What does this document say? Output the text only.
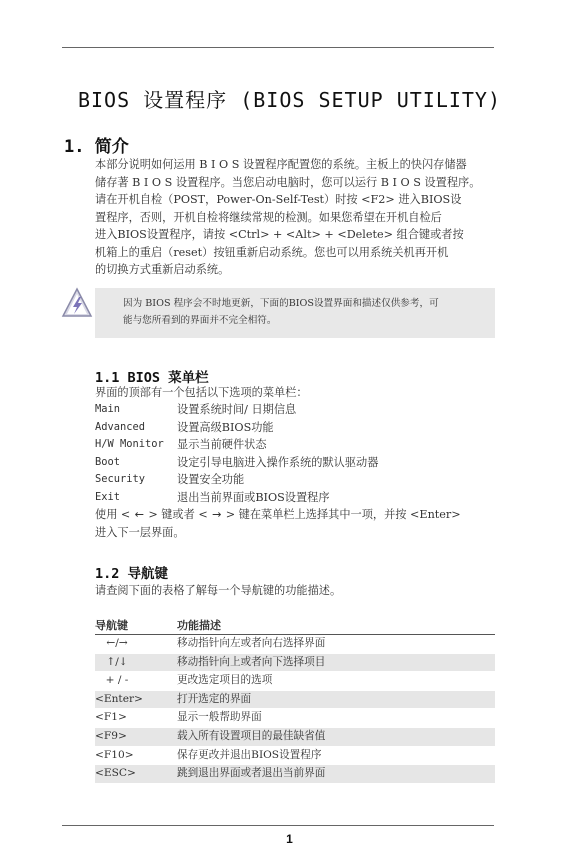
BIOS 设置程序 (BIOS SETUP UTILITY)
1. 简介
本部分说明如何运用 B I O S 设置程序配置您的系统。主板上的快闪存储器
储存著 B I O S 设置程序。当您启动电脑时，您可以运行 B I O S 设置程序。
请在开机自检（POST，Power-On-Self-Test）时按 <F2> 进入BIOS设
置程序，否则，开机自检将继续常规的检测。如果您希望在开机自检后
进入BIOS设置程序，请按 <Ctrl> + <Alt> + <Delete> 组合键或者按
机箱上的重启（reset）按钮重新启动系统。您也可以用系统关机再开机
的切换方式重新启动系统。
因为 BIOS 程序会不时地更新，下面的BIOS设置界面和描述仅供参考，可
能与您所看到的界面并不完全相符。
1.1 BIOS 菜单栏
界面的顶部有一个包括以下选项的菜单栏：
Main	设置系统时间/ 日期信息
Advanced	设置高级BIOS功能
H/W Monitor 显示当前硬件状态
Boot	设定引导电脑进入操作系统的默认驱动器
Security	设置安全功能
Exit	退出当前界面或BIOS设置程序
使用 < ← > 键或者 < → > 键在菜单栏上选择其中一项，并按 <Enter>
进入下一层界面。
1.2 导航键
请查阅下面的表格了解每一个导航键的功能描述。
导航键	功能描述
←/→	移动指针向左或者向右选择界面
↑/↓	移动指针向上或者向下选择项目
+ / -	更改选定项目的选项
<Enter>	打开选定的界面
<F1>	显示一般帮助界面
<F9>	载入所有设置项目的最佳缺省值
<F10>	保存更改并退出BIOS设置程序
<ESC>	跳到退出界面或者退出当前界面
1
